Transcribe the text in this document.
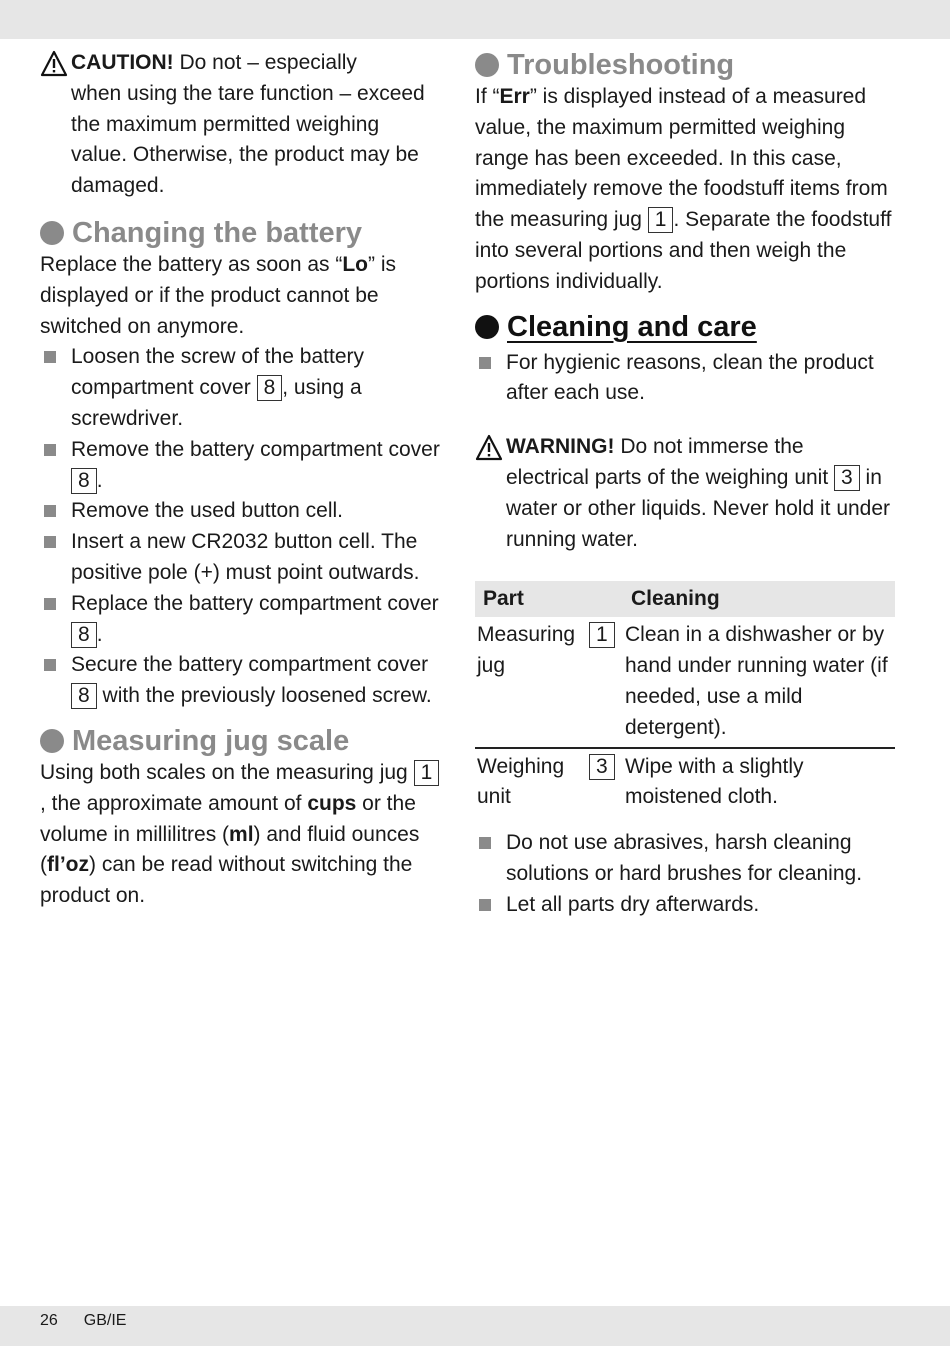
CAUTION! Do not – especially

when using the tare function – exceed the maximum permitted weighing value. Otherwise, the product may be damaged.

Changing the battery

Replace the battery as soon as “Lo” is displayed or if the product cannot be switched on anymore.

Loosen the screw of the battery compartment cover 8 , using a screwdriver.
Remove the battery compartment cover 8 .
Remove the used button cell.
Insert a new CR2032 button cell. The positive pole (+) must point outwards.
Replace the battery compartment cover 8 .
Secure the battery compartment cover 8 with the previously loosened screw.
Measuring jug scale

Using both scales on the measuring jug 1, the approximate amount of cups or the volume in millilitres (ml) and fluid ounces (fl’oz) can be read without switching the product on.

Troubleshooting

If “Err” is displayed instead of a measured value, the maximum permitted weighing range has been exceeded. In this case, immediately remove the foodstuff items from the measuring jug 1 . Separate the foodstuff into several portions and then weigh the portions individually.

Cleaning and care
For hygienic reasons, clean the product after each use.

WARNING! Do not immerse the

electrical parts of the weighing unit 3 in water or other liquids. Never hold it under running water.

Part		Cleaning
Measuring jug	1	Clean in a dishwasher or by hand under running water (if needed, use a mild detergent).
Weighing unit	3	Wipe with a slightly moistened cloth.
Do not use abrasives, harsh cleaning solutions or hard brushes for cleaning.
Let all parts dry afterwards.
26 GB/IE
